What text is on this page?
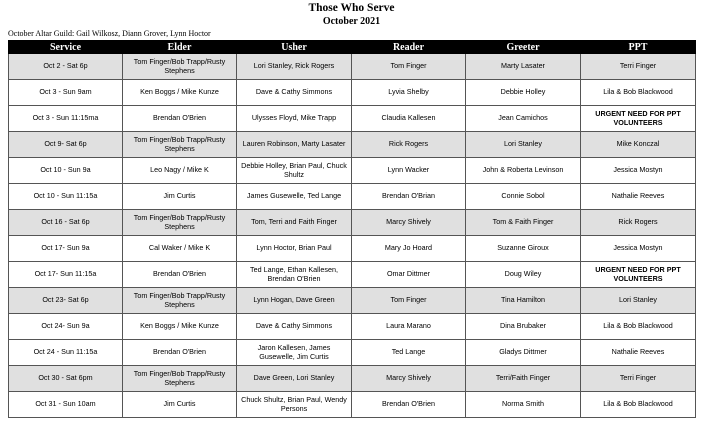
Those Who Serve
October 2021
October Altar Guild: Gail Wilkosz, Diann Grover, Lynn Hoctor
Service	Elder	Usher	Reader	Greeter	PPT
Oct 2 - Sat 6p	Tom Finger/Bob Trapp/Rusty Stephens	Lori Stanley, Rick Rogers	Tom Finger	Marty Lasater	Terri Finger
Oct 3 - Sun 9am	Ken Boggs / Mike Kunze	Dave & Cathy Simmons	Lyvia Shelby	Debbie Holley	Lila & Bob Blackwood
Oct 3 - Sun 11:15ma	Brendan O'Brien	Ulysses Floyd, Mike Trapp	Claudia Kallesen	Jean Camichos	URGENT NEED FOR PPT VOLUNTEERS
Oct 9- Sat 6p	Tom Finger/Bob Trapp/Rusty Stephens	Lauren Robinson, Marty Lasater	Rick Rogers	Lori Stanley	Mike Konczal
Oct 10 - Sun 9a	Leo Nagy / Mike K	Debbie Holley, Brian Paul, Chuck Shultz	Lynn Wacker	John & Roberta Levinson	Jessica Mostyn
Oct 10 - Sun 11:15a	Jim Curtis	James Gusewelle, Ted Lange	Brendan O'Brian	Connie Sobol	Nathalie Reeves
Oct 16 - Sat 6p	Tom Finger/Bob Trapp/Rusty Stephens	Tom, Terri and Faith Finger	Marcy Shively	Tom & Faith Finger	Rick Rogers
Oct 17- Sun 9a	Cal Waker / Mike K	Lynn Hoctor, Brian Paul	Mary Jo Hoard	Suzanne Giroux	Jessica Mostyn
Oct 17- Sun 11:15a	Brendan O'Brien	Ted Lange, Ethan Kallesen, Brendan O'Brien	Omar Dittmer	Doug Wiley	URGENT NEED FOR PPT VOLUNTEERS
Oct 23- Sat 6p	Tom Finger/Bob Trapp/Rusty Stephens	Lynn Hogan, Dave Green	Tom Finger	Tina Hamilton	Lori Stanley
Oct 24- Sun 9a	Ken Boggs / Mike Kunze	Dave & Cathy Simmons	Laura Marano	Dina Brubaker	Lila & Bob Blackwood
Oct 24 - Sun 11:15a	Brendan O'Brien	Jaron Kallesen, James Gusewelle, Jim Curtis	Ted Lange	Gladys Dittmer	Nathalie Reeves
Oct 30 - Sat 6pm	Tom Finger/Bob Trapp/Rusty Stephens	Dave Green, Lori Stanley	Marcy Shively	Terri/Faith Finger	Terri Finger
Oct 31 - Sun 10am	Jim Curtis	Chuck Shultz, Brian Paul, Wendy Persons	Brendan O'Brien	Norma Smith	Lila & Bob Blackwood
